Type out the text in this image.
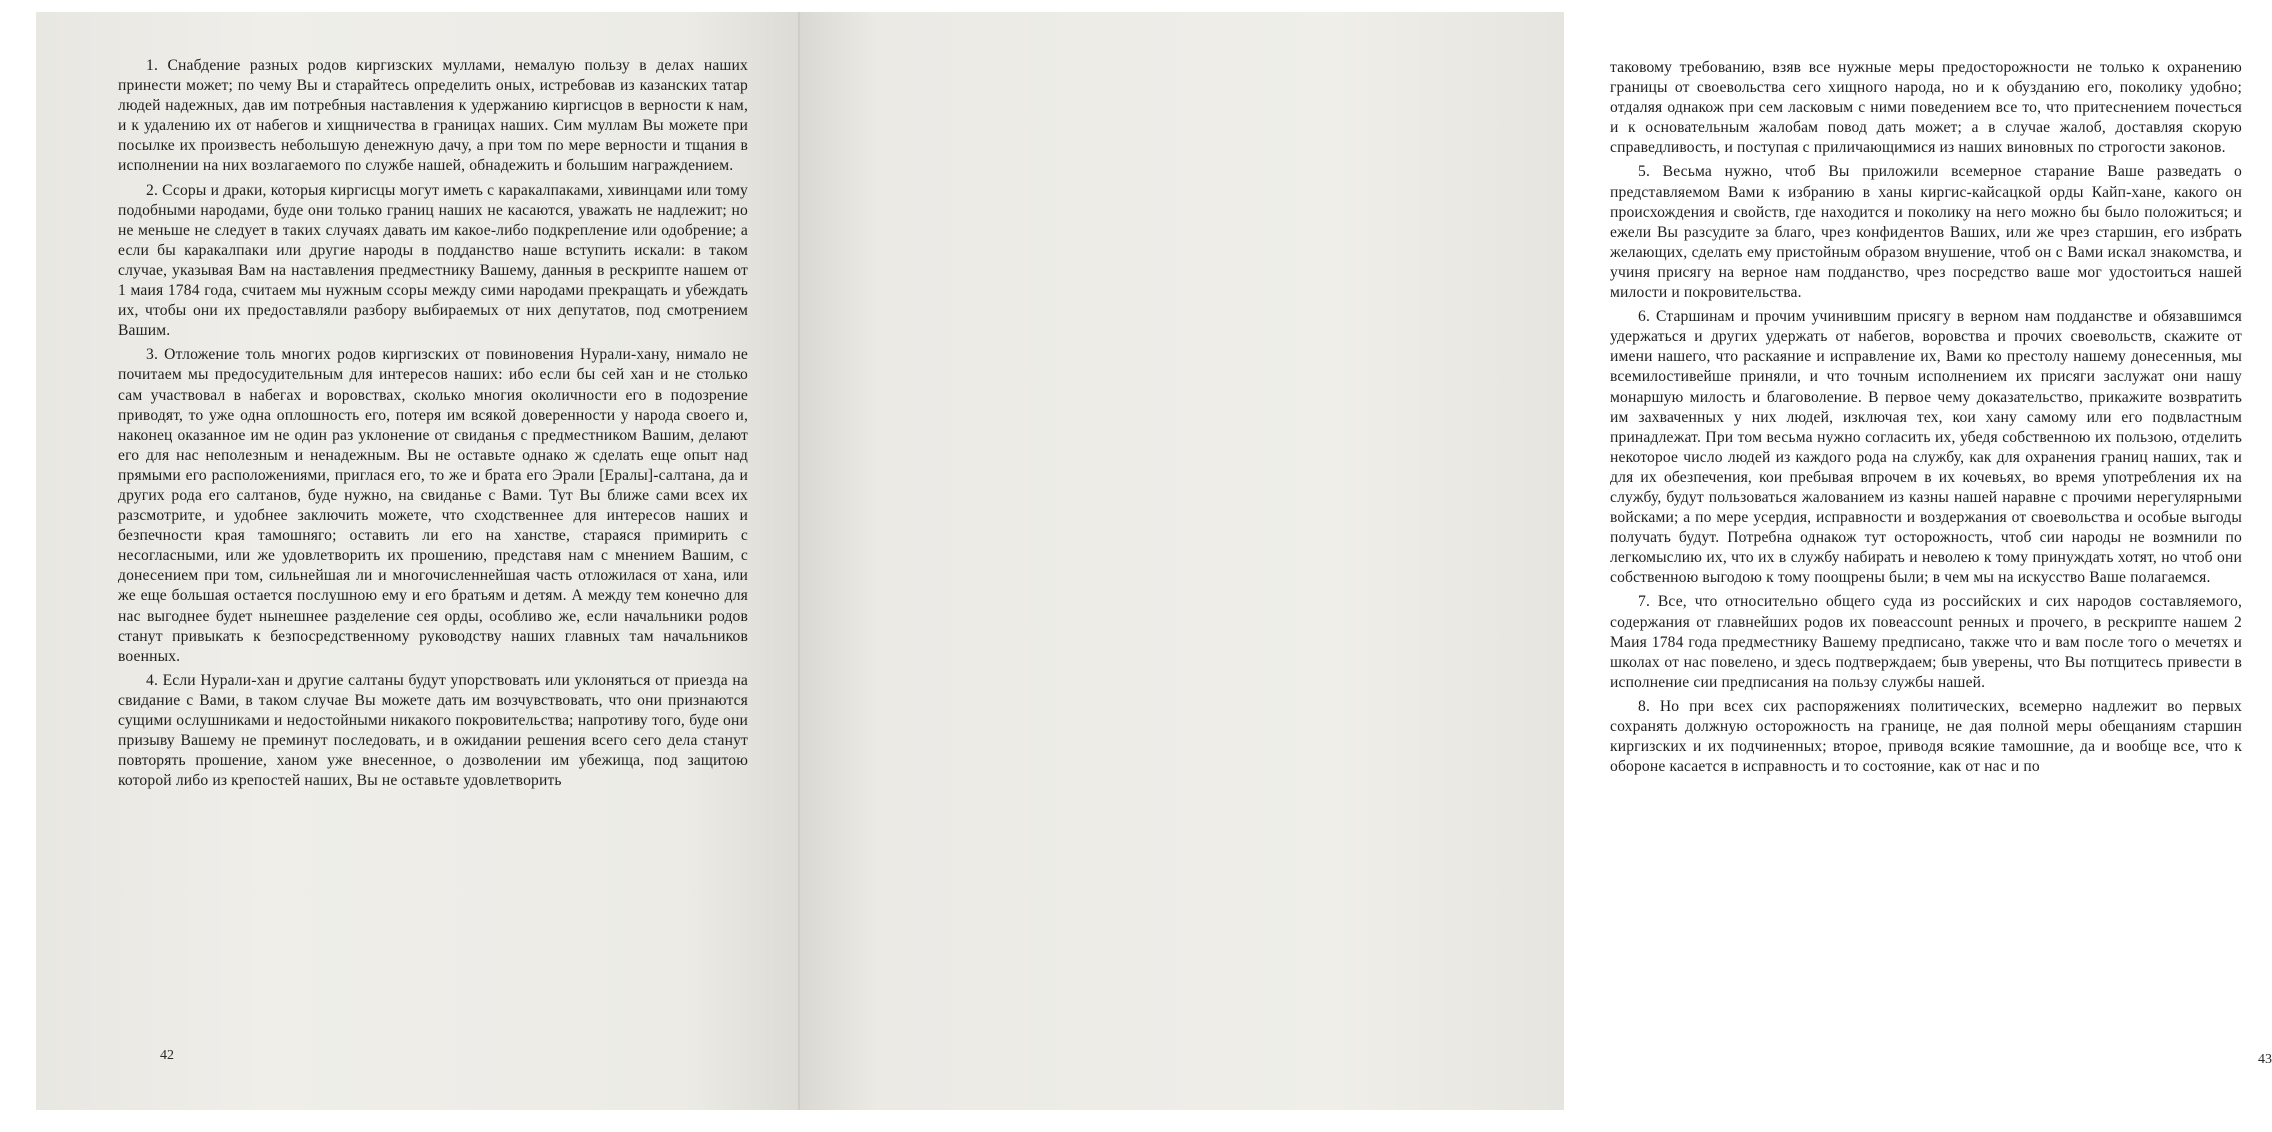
1. Снабдение разных родов киргизских муллами, немалую пользу в делах наших принести может; по чему Вы и старайтесь определить оных, истребовав из казанских татар людей надежных, дав им потребныя наставления к удержанию киргисцов в верности к нам, и к удалению их от набегов и хищничества в границах наших. Сим муллам Вы можете при посылке их произвесть небольшую денежную дачу, а при том по мере верности и тщания в исполнении на них возлагаемого по службе нашей, обнадежить и большим награждением.

2. Ссоры и драки, которыя киргисцы могут иметь с каракалпаками, хивинцами или тому подобными народами, буде они только границ наших не касаются, уважать не надлежит; но не меньше не следует в таких случаях давать им какое-либо подкрепление или одобрение; а если бы каракалпаки или другие народы в подданство наше вступить искали: в таком случае, указывая Вам на наставления предместнику Вашему, данныя в рескрипте нашем от 1 маия 1784 года, считаем мы нужным ссоры между сими народами прекращать и убеждать их, чтобы они их предоставляли разбору выбираемых от них депутатов, под смотрением Вашим.

3. Отложение толь многих родов киргизских от повиновения Нурали-хану, нимало не почитаем мы предосудительным для интересов наших: ибо если бы сей хан и не столько сам участвовал в набегах и воровствах, сколько многия околичности его в подозрение приводят, то уже одна оплошность его, потеря им всякой доверенности у народа своего и, наконец оказанное им не один раз уклонение от свиданья с предместником Вашим, делают его для нас неполезным и ненадежным. Вы не оставьте однако ж сделать еще опыт над прямыми его расположениями, приглася его, то же и брата его Эрали [Ералы]-салтана, да и других рода его салтанов, буде нужно, на свиданье с Вами. Тут Вы ближе сами всех их разсмотрите, и удобнее заключить можете, что сходственнее для интересов наших и безпечности края тамошняго; оставить ли его на ханстве, стараяся примирить с несогласными, или же удовлетворить их прошению, представя нам с мнением Вашим, с донесением при том, сильнейшая ли и многочисленнейшая часть отложилася от хана, или же еще большая остается послушною ему и его братьям и детям. А между тем конечно для нас выгоднее будет нынешнее разделение сея орды, особливо же, если начальники родов станут привыкать к безпосредственному руководству наших главных там начальников военных.

4. Если Нурали-хан и другие салтаны будут упорствовать или уклоняться от приезда на свидание с Вами, в таком случае Вы можете дать им возчувствовать, что они признаются сущими ослушниками и недостойными никакого покровительства; напротиву того, буде они призыву Вашему не преминут последовать, и в ожидании решения всего сего дела станут повторять прошение, ханом уже внесенное, о дозволении им убежища, под защитою которой либо из крепостей наших, Вы не оставьте удовлетворить

42

таковому требованию, взяв все нужные меры предосторожности не только к охранению границы от своевольства сего хищного народа, но и к обузданию его, поколику удобно; отдаляя однакож при сем ласковым с ними поведением все то, что притеснением почесться и к основательным жалобам повод дать может; а в случае жалоб, доставляя скорую справедливость, и поступая с приличающимися из наших виновных по строгости законов.

5. Весьма нужно, чтоб Вы приложили всемерное старание Ваше разведать о представляемом Вами к избранию в ханы киргис-кайсацкой орды Кайп-хане, какого он происхождения и свойств, где находится и поколику на него можно бы было положиться; и ежели Вы разсудите за благо, чрез конфидентов Ваших, или же чрез старшин, его избрать желающих, сделать ему пристойным образом внушение, чтоб он с Вами искал знакомства, и учиня присягу на верное нам подданство, чрез посредство ваше мог удостоиться нашей милости и покровительства.

6. Старшинам и прочим учинившим присягу в верном нам подданстве и обязавшимся удержаться и других удержать от набегов, воровства и прочих своевольств, скажите от имени нашего, что раскаяние и исправление их, Вами ко престолу нашему донесенныя, мы всемилостивейше приняли, и что точным исполнением их присяги заслужат они нашу монаршую милость и благоволение. В первое чему доказательство, прикажите возвратить им захваченных у них людей, изключая тех, кои хану самому или его подвластным принадлежат. При том весьма нужно согласить их, убедя собственною их пользою, отделить некоторое число людей из каждого рода на службу, как для охранения границ наших, так и для их обезпечения, кои пребывая впрочем в их кочевьях, во время употребления их на службу, будут пользоваться жалованием из казны нашей наравне с прочими нерегулярными войсками; а по мере усердия, исправности и воздержания от своевольства и особые выгоды получать будут. Потребна однакож тут осторожность, чтоб сии народы не возмнили по легкомыслию их, что их в службу набирать и неволею к тому принуждать хотят, но чтоб они собственною выгодою к тому поощрены были; в чем мы на искусство Ваше полагаемся.

7. Все, что относительно общего суда из российских и сих народов составляемого, содержания от главнейших родов их повеaccount ренных и прочего, в рескрипте нашем 2 Маия 1784 года предместнику Вашему предписано, также что и вам после того о мечетях и школах от нас повелено, и здесь подтверждаем; быв уверены, что Вы потщитесь привести в исполнение сии предписания на пользу службы нашей.

8. Но при всех сих распоряжениях политических, всемерно надлежит во первых сохранять должную осторожность на границе, не дая полной меры обещаниям старшин киргизских и их подчиненных; второе, приводя всякие тамошние, да и вообще все, что к обороне касается в исправность и то состояние, как от нас и по

43
